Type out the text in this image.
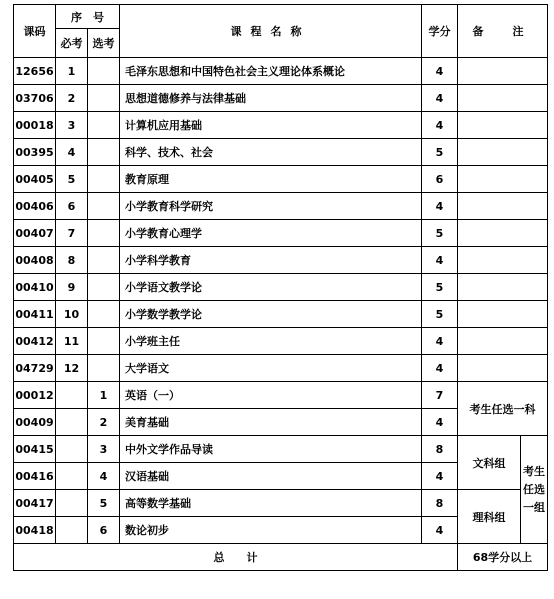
课码	序　号		课程名称	学分	备　注	
	必考	选考				
12656	1		毛泽东思想和中国特色社会主义理论体系概论	4		
03706	2		思想道德修养与法律基础	4		
00018	3		计算机应用基础	4		
00395	4		科学、技术、社会	5		
00405	5		教育原理	6		
00406	6		小学教育科学研究	4		
00407	7		小学教育心理学	5		
00408	8		小学科学教育	4		
00410	9		小学语文教学论	5		
00411	10		小学数学教学论	5		
00412	11		小学班主任	4		
04729	12		大学语文	4		
00012		1	英语（一）	7	考生任选一科	
00409		2	美育基础	4		
00415		3	中外文学作品导读	8	文科组	考生任选一组
00416		4	汉语基础	4		
00417		5	高等数学基础	8	理科组	
00418		6	数论初步	4		
总　　计					68学分以上	
